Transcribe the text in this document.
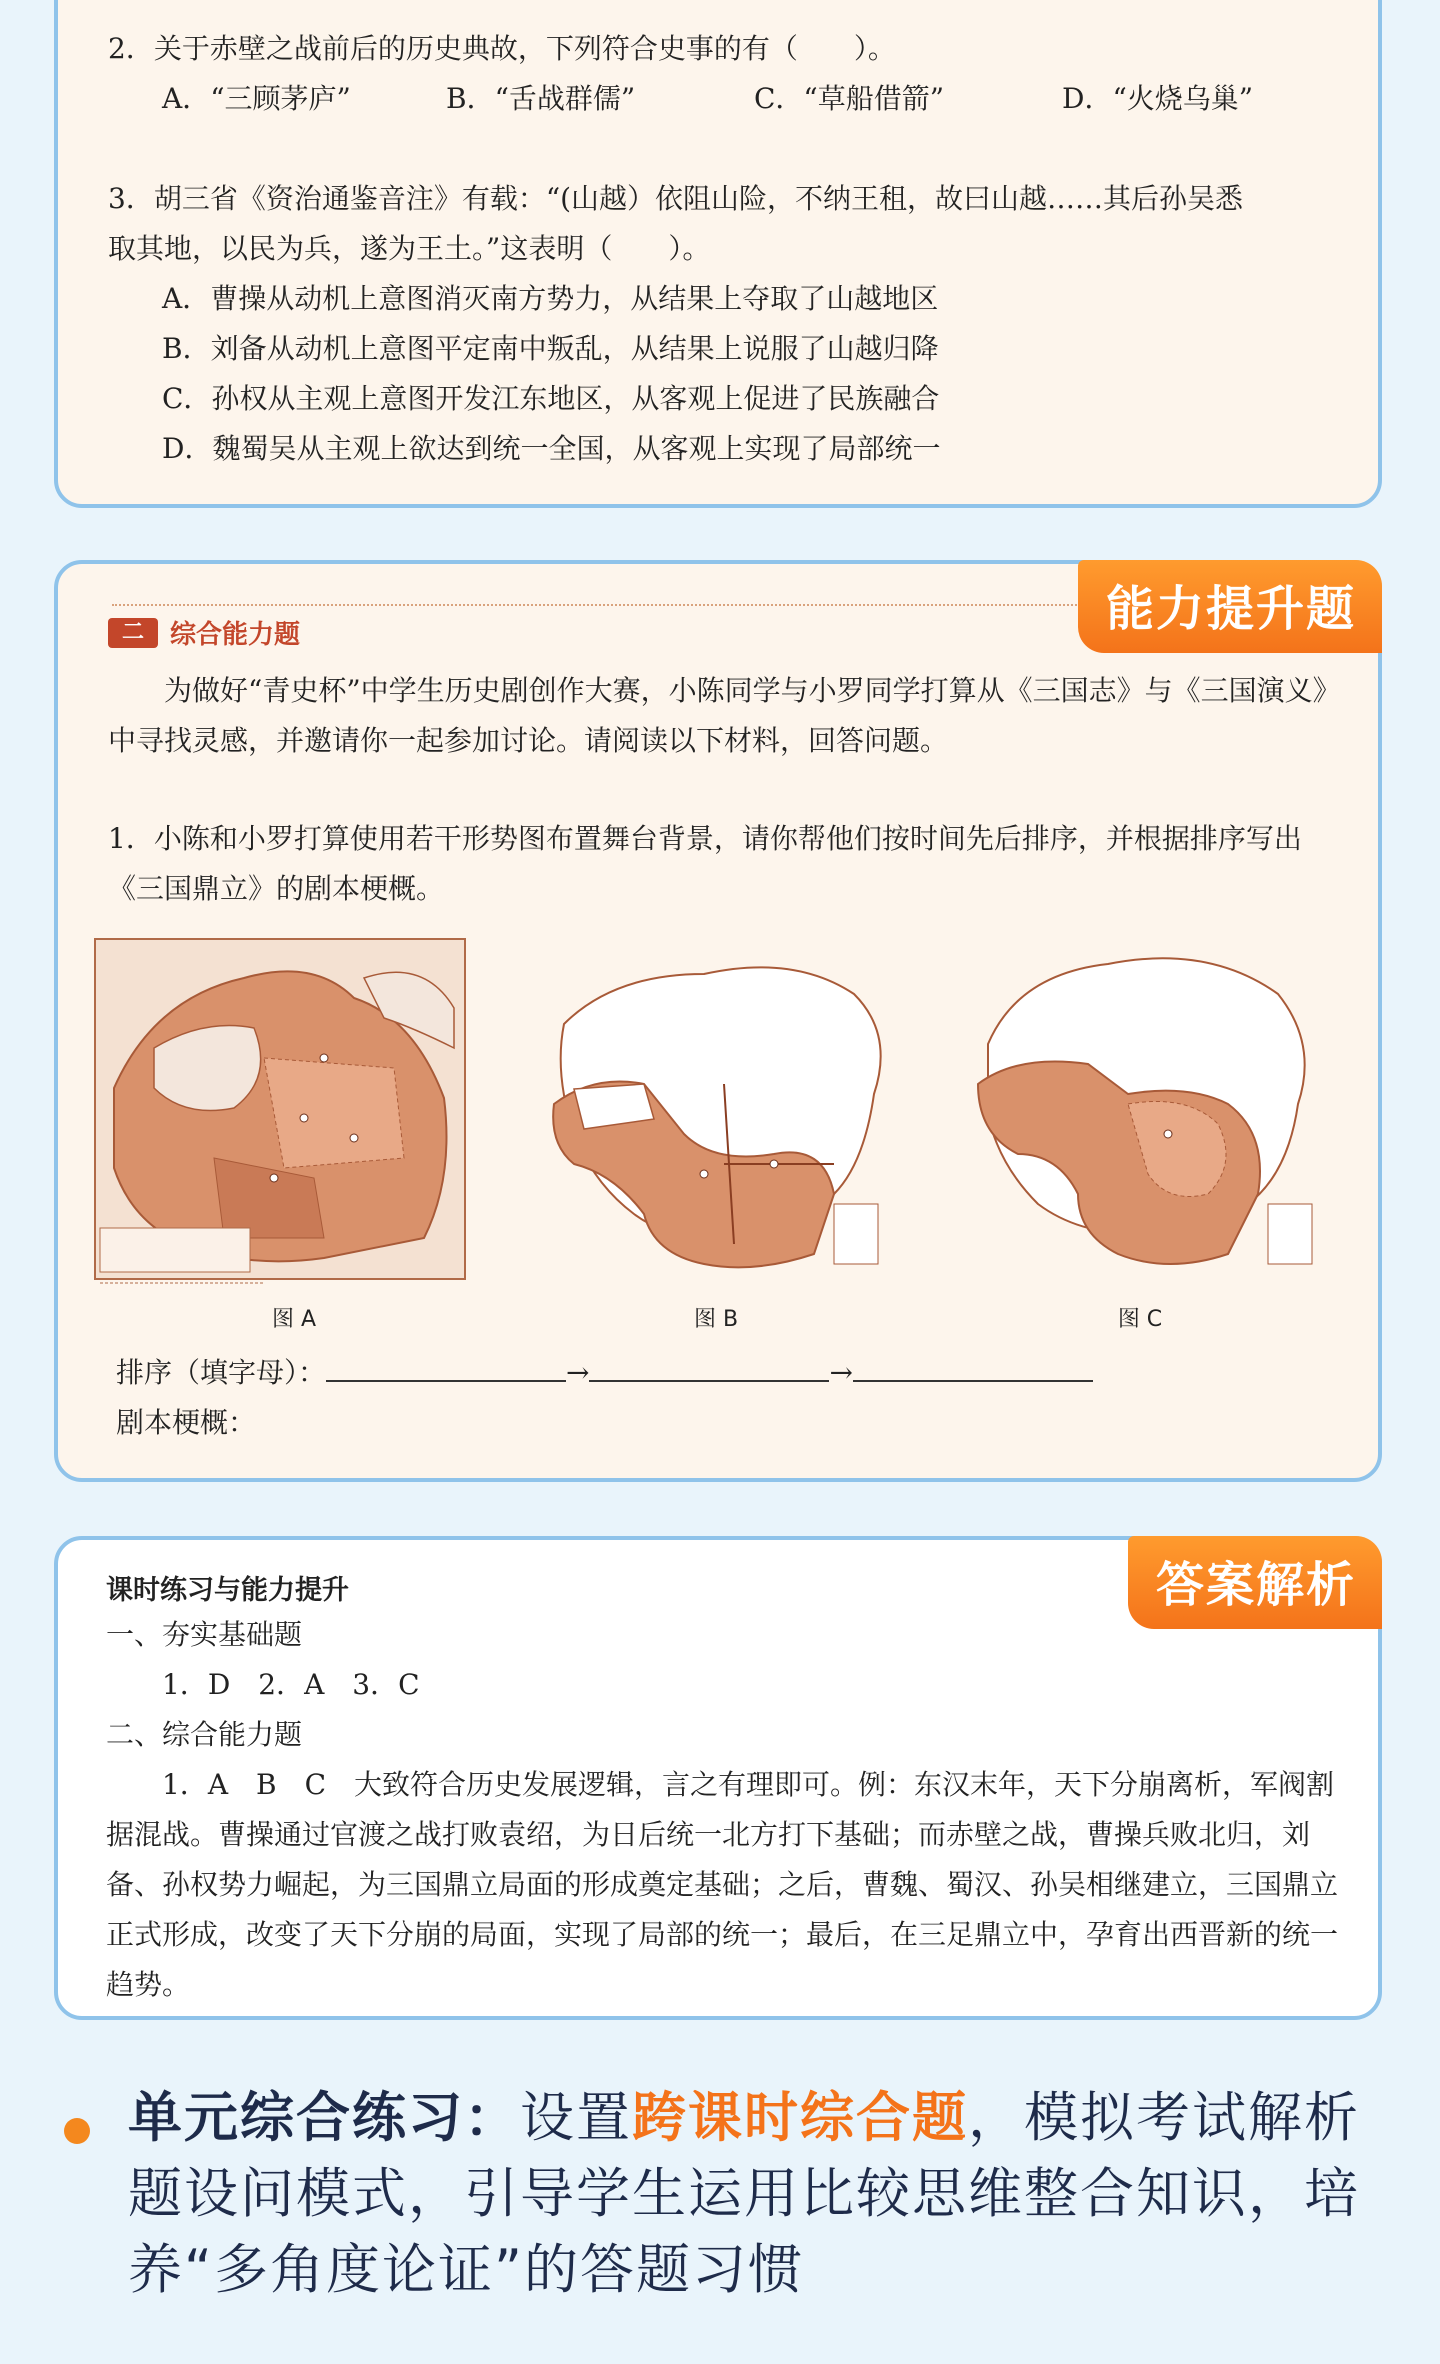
2．关于赤壁之战前后的历史典故，下列符合史事的有（　　）。
A．“三顾茅庐”	B．“舌战群儒”	C．“草船借箭”	D．“火烧乌巢”
3．胡三省《资治通鉴音注》有载：“(山越）依阻山险，不纳王租，故曰山越……其后孙吴悉
取其地，以民为兵，遂为王土。”这表明（　　）。
A．曹操从动机上意图消灭南方势力，从结果上夺取了山越地区
B．刘备从动机上意图平定南中叛乱，从结果上说服了山越归降
C．孙权从主观上意图开发江东地区，从客观上促进了民族融合
D．魏蜀吴从主观上欲达到统一全国，从客观上实现了局部统一
能力提升题
二	综合能力题
为做好“青史杯”中学生历史剧创作大赛，小陈同学与小罗同学打算从《三国志》与《三国演义》中寻找灵感，并邀请你一起参加讨论。请阅读以下材料，回答问题。
1．小陈和小罗打算使用若干形势图布置舞台背景，请你帮他们按时间先后排序，并根据排序写出《三国鼎立》的剧本梗概。
图 A	图 B	图 C
排序（填字母）：	→	→
剧本梗概：
答案解析
课时练习与能力提升
一、夯实基础题
1．D　2．A　3．C
二、综合能力题
1．A　B　C　大致符合历史发展逻辑，言之有理即可。例：东汉末年，天下分崩离析，军阀割据混战。曹操通过官渡之战打败袁绍，为日后统一北方打下基础；而赤壁之战，曹操兵败北归，刘备、孙权势力崛起，为三国鼎立局面的形成奠定基础；之后，曹魏、蜀汉、孙吴相继建立，三国鼎立正式形成，改变了天下分崩的局面，实现了局部的统一；最后，在三足鼎立中，孕育出西晋新的统一趋势。
单元综合练习：设置跨课时综合题，模拟考试解析题设问模式，引导学生运用比较思维整合知识，培养“多角度论证”的答题习惯
